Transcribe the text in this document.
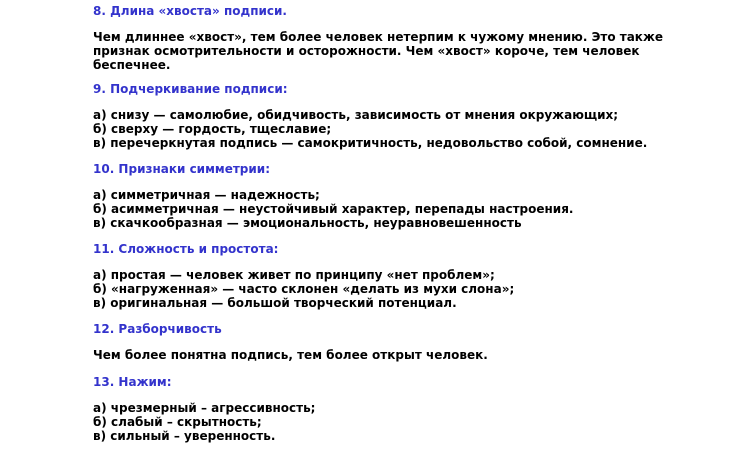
8. Длина «хвоста» подписи.

Чем длиннее «хвост», тем более человек нетерпим к чужому мнению. Это также
признак осмотрительности и осторожности. Чем «хвост» короче, тем человек
беспечнее.

9. Подчеркивание подписи:

а) снизу — самолюбие, обидчивость, зависимость от мнения окружающих;
б) сверху — гордость, тщеславие;
в) перечеркнутая подпись — самокритичность, недовольство собой, сомнение.

10. Признаки симметрии:

а) симметричная — надежность;
б) асимметричная — неустойчивый характер, перепады настроения.
в) скачкообразная — эмоциональность, неуравновешенность

11. Сложность и простота:

а) простая — человек живет по принципу «нет проблем»;
б) «нагруженная» — часто склонен «делать из мухи слона»;
в) оригинальная — большой творческий потенциал.

12. Разборчивость

Чем более понятна подпись, тем более открыт человек.

13. Нажим:

а) чрезмерный – агрессивность;
б) слабый – скрытность;
в) сильный – уверенность.
